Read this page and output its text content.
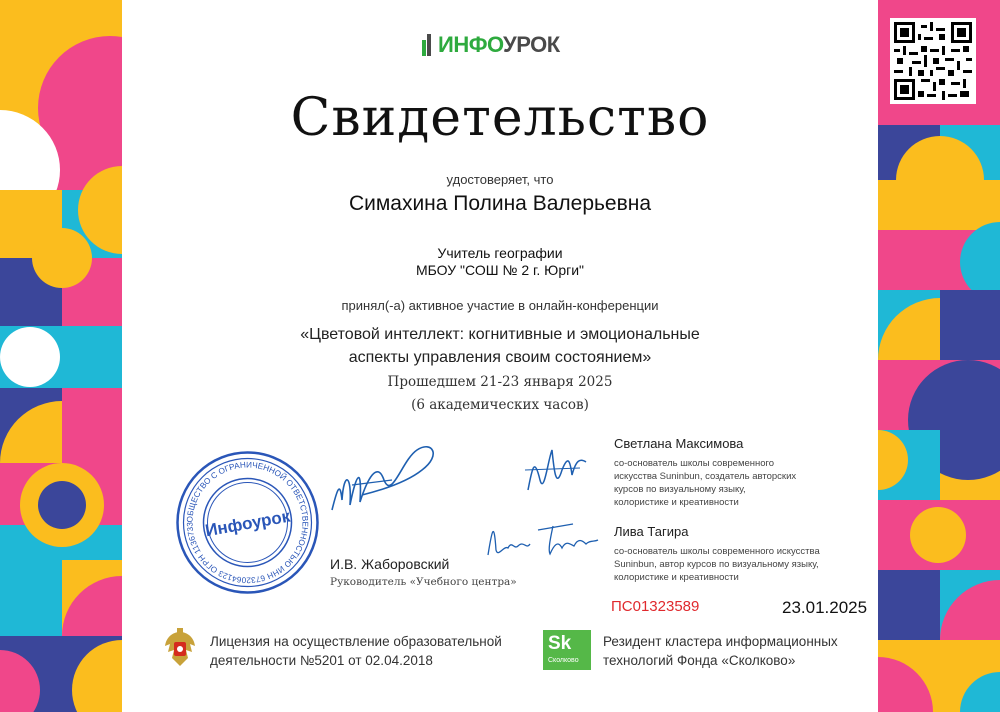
ИНФОУРОК
Свидетельство
удостоверяет, что
Симахина Полина Валерьевна
Учитель географии
МБОУ "СОШ № 2 г. Юрги"
принял(-а) активное участие в онлайн-конференции
«Цветовой интеллект: когнитивные и эмоциональные
аспекты управления своим состоянием»
Прошедшем 21-23 января 2025
(6 академических часов)
ОБЩЕСТВО С ОГРАНИЧЕННОЙ ОТВЕТСТВЕННОСТЬЮ ИНН 6732064123 ОГРН 1136733 Инфоурок
И.В. Жаборовский
Руководитель «Учебного центра»
Светлана Максимова
со-основатель школы современного
искусства Suninbun, создатель авторских
курсов по визуальному языку,
колористике и креативности
Лива Тагира
со-основатель школы современного искусства
Suninbun, автор курсов по визуальному языку,
колористике и креативности
ПС01323589	23.01.2025
Лицензия на осуществление образовательной
деятельности №5201 от 02.04.2018
Sk
Сколково
Резидент кластера информационных
технологий Фонда «Сколково»
